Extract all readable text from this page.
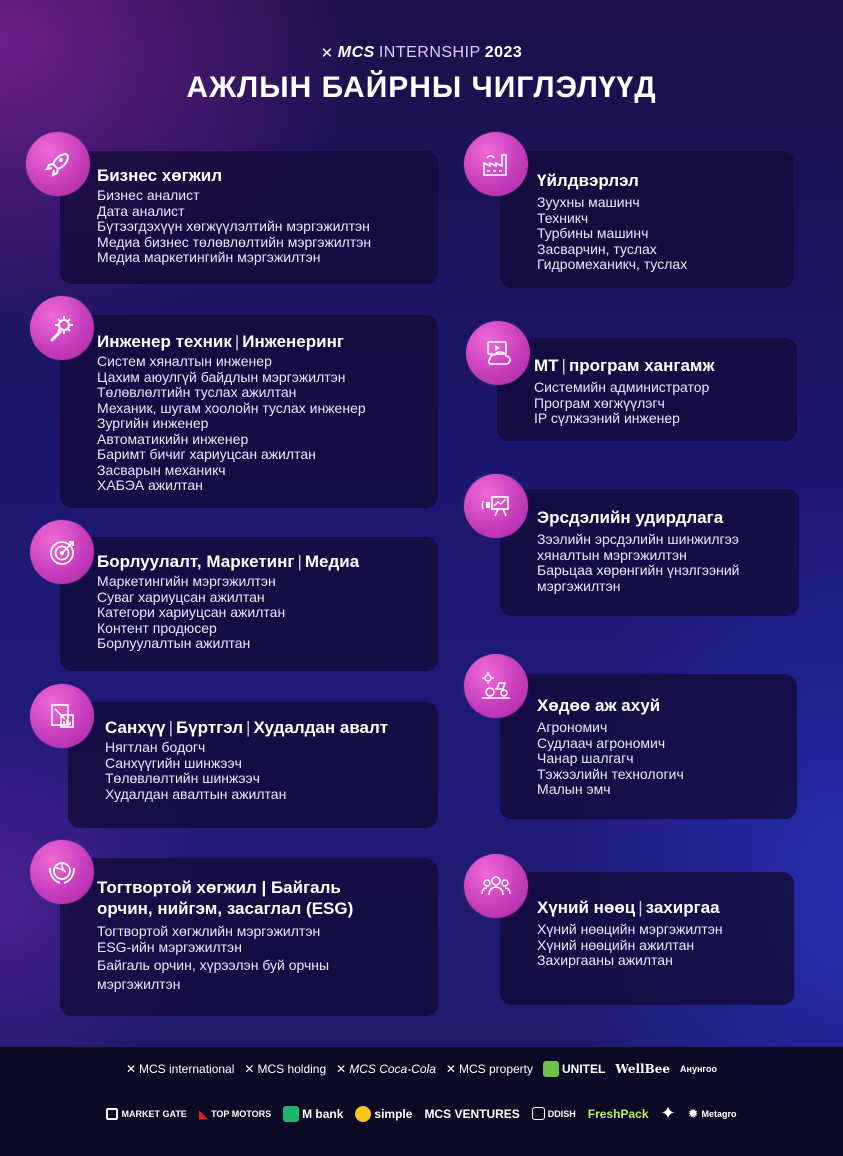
✕ MCS INTERNSHIP 2023
АЖЛЫН БАЙРНЫ ЧИГЛЭЛҮҮД
Бизнес хөгжил
Бизнес аналист
Дата аналист
Бүтээгдэхүүн хөгжүүлэлтийн мэргэжилтэн
Медиа бизнес төлөвлөлтийн мэргэжилтэн
Медиа маркетингийн мэргэжилтэн
Инженер техник | Инженеринг
Систем хяналтын инженер
Цахим аюулгүй байдлын мэргэжилтэн
Төлөвлөлтийн туслах ажилтан
Механик, шугам хоолойн туслах инженер
Зургийн инженер
Автоматикийн инженер
Баримт бичиг хариуцсан ажилтан
Засварын механикч
ХАБЭА ажилтан
Борлуулалт, Маркетинг | Медиа
Маркетингийн мэргэжилтэн
Суваг хариуцсан ажилтан
Категори хариуцсан ажилтан
Контент продюсер
Борлуулалтын ажилтан
Санхүү | Бүртгэл | Худалдан авалт
Нягтлан бодогч
Санхүүгийн шинжээч
Төлөвлөлтийн шинжээч
Худалдан авалтын ажилтан
Тогтвортой хөгжил | Байгаль
орчин, нийгэм, засаглал (ESG)
Тогтвортой хөгжлийн мэргэжилтэн
ESG-ийн мэргэжилтэн
Байгаль орчин, хүрээлэн буй орчны
мэргэжилтэн
Үйлдвэрлэл
Зуухны машинч
Техникч
Турбины машинч
Засварчин, туслах
Гидромеханикч, туслах
МТ | програм хангамж
Системийн администратор
Програм хөгжүүлэгч
IP сүлжээний инженер
Эрсдэлийн удирдлага
Зээлийн эрсдэлийн шинжилгээ
хяналтын мэргэжилтэн
Барьцаа хөрөнгийн үнэлгээний
мэргэжилтэн
Хөдөө аж ахуй
Агрономич
Судлаач агрономич
Чанар шалгагч
Тэжээлийн технологич
Малын эмч
Хүний нөөц | захиргаа
Хүний нөөцийн мэргэжилтэн
Хүний нөөцийн ажилтан
Захиргааны ажилтан
✕ MCS international ✕ MCS holding ✕ MCS Coca-Cola ✕ MCS property UNITEL WellBee Анунгоо
MARKET GATE ◣ TOP MOTORS	M bank	simple MCS VENTURES	DDISH FreshPack ✦ ✹ Metagro
